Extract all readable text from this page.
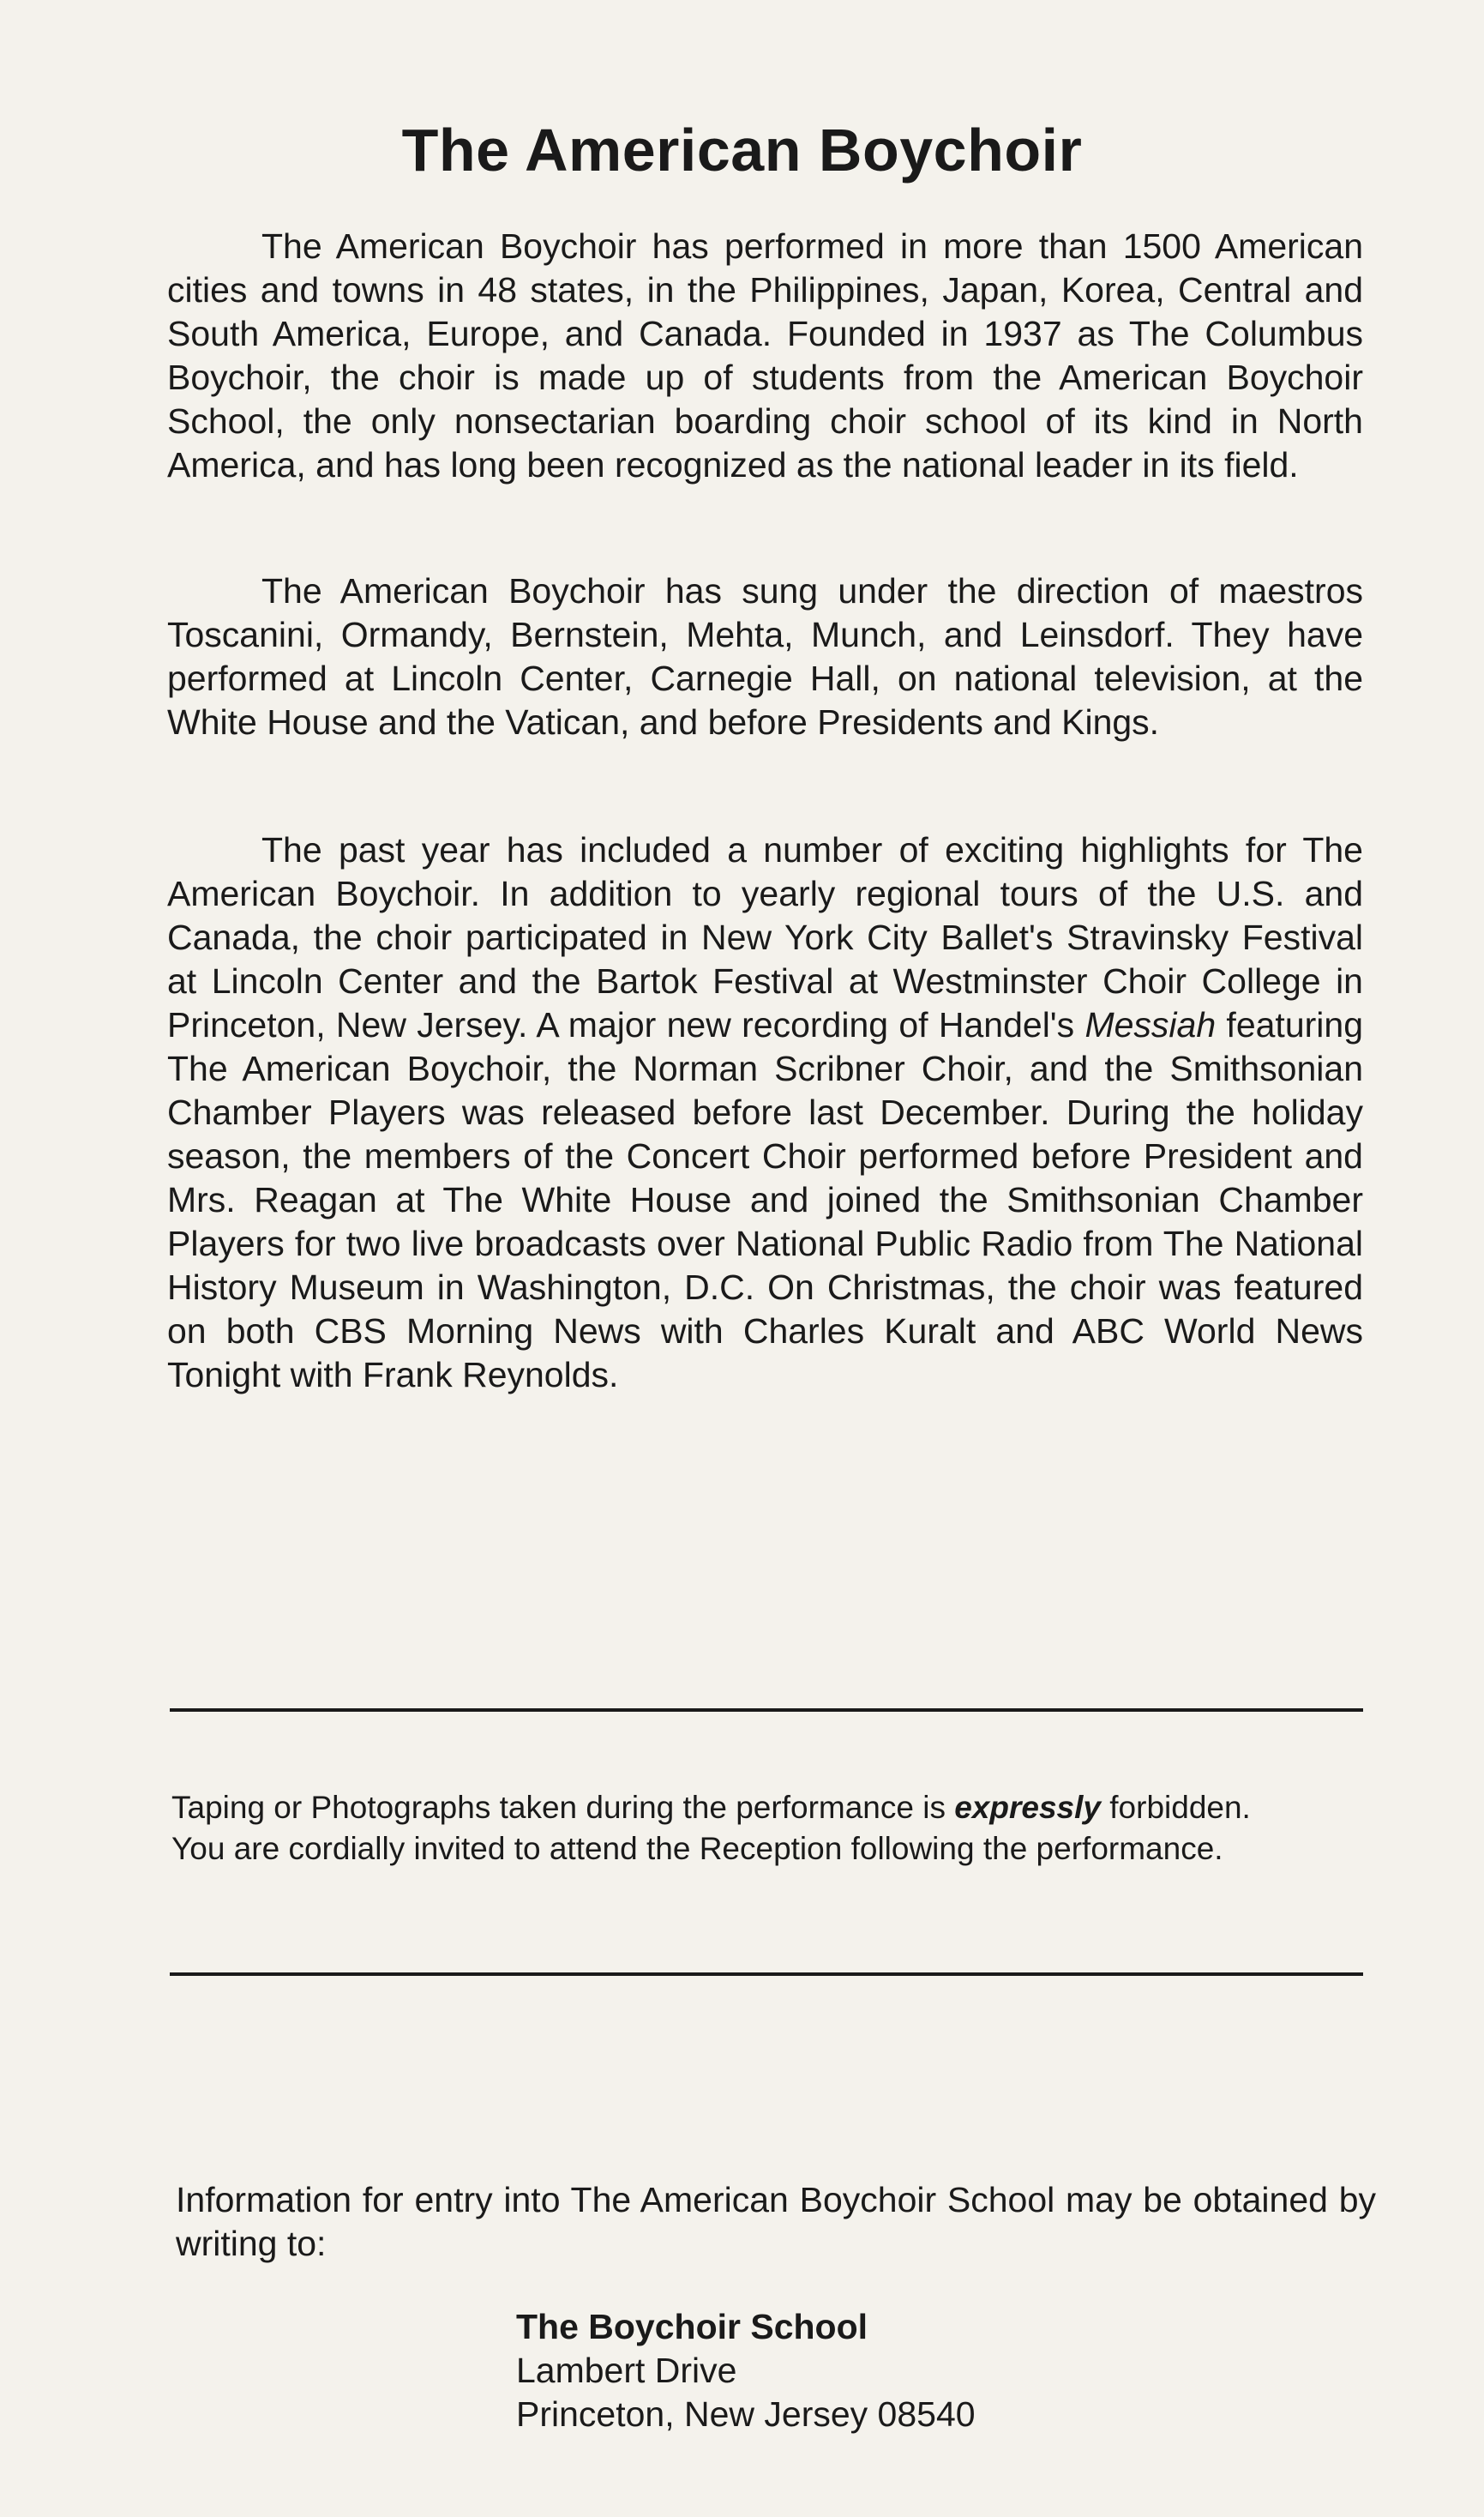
The American Boychoir

The American Boychoir has performed in more than 1500 American cities and towns in 48 states, in the Philippines, Japan, Korea, Central and South America, Europe, and Canada. Founded in 1937 as The Columbus Boychoir, the choir is made up of students from the American Boychoir School, the only nonsectarian boarding choir school of its kind in North America, and has long been recognized as the national leader in its field.

The American Boychoir has sung under the direction of maestros Toscanini, Ormandy, Bernstein, Mehta, Munch, and Leinsdorf. They have performed at Lincoln Center, Carnegie Hall, on national television, at the White House and the Vatican, and before Presidents and Kings.

The past year has included a number of exciting highlights for The American Boychoir. In addition to yearly regional tours of the U.S. and Canada, the choir participated in New York City Ballet's Stravinsky Festival at Lincoln Center and the Bartok Festival at Westminster Choir College in Princeton, New Jersey. A major new recording of Handel's Messiah featuring The American Boychoir, the Norman Scribner Choir, and the Smithsonian Chamber Players was released before last December. During the holiday season, the members of the Concert Choir performed before President and Mrs. Reagan at The White House and joined the Smithsonian Chamber Players for two live broadcasts over National Public Radio from The National History Museum in Washington, D.C. On Christmas, the choir was featured on both CBS Morning News with Charles Kuralt and ABC World News Tonight with Frank Reynolds.

Taping or Photographs taken during the performance is expressly forbidden.

You are cordially invited to attend the Reception following the performance.

Information for entry into The American Boychoir School may be obtained by writing to:

The Boychoir School
Lambert Drive
Princeton, New Jersey 08540
